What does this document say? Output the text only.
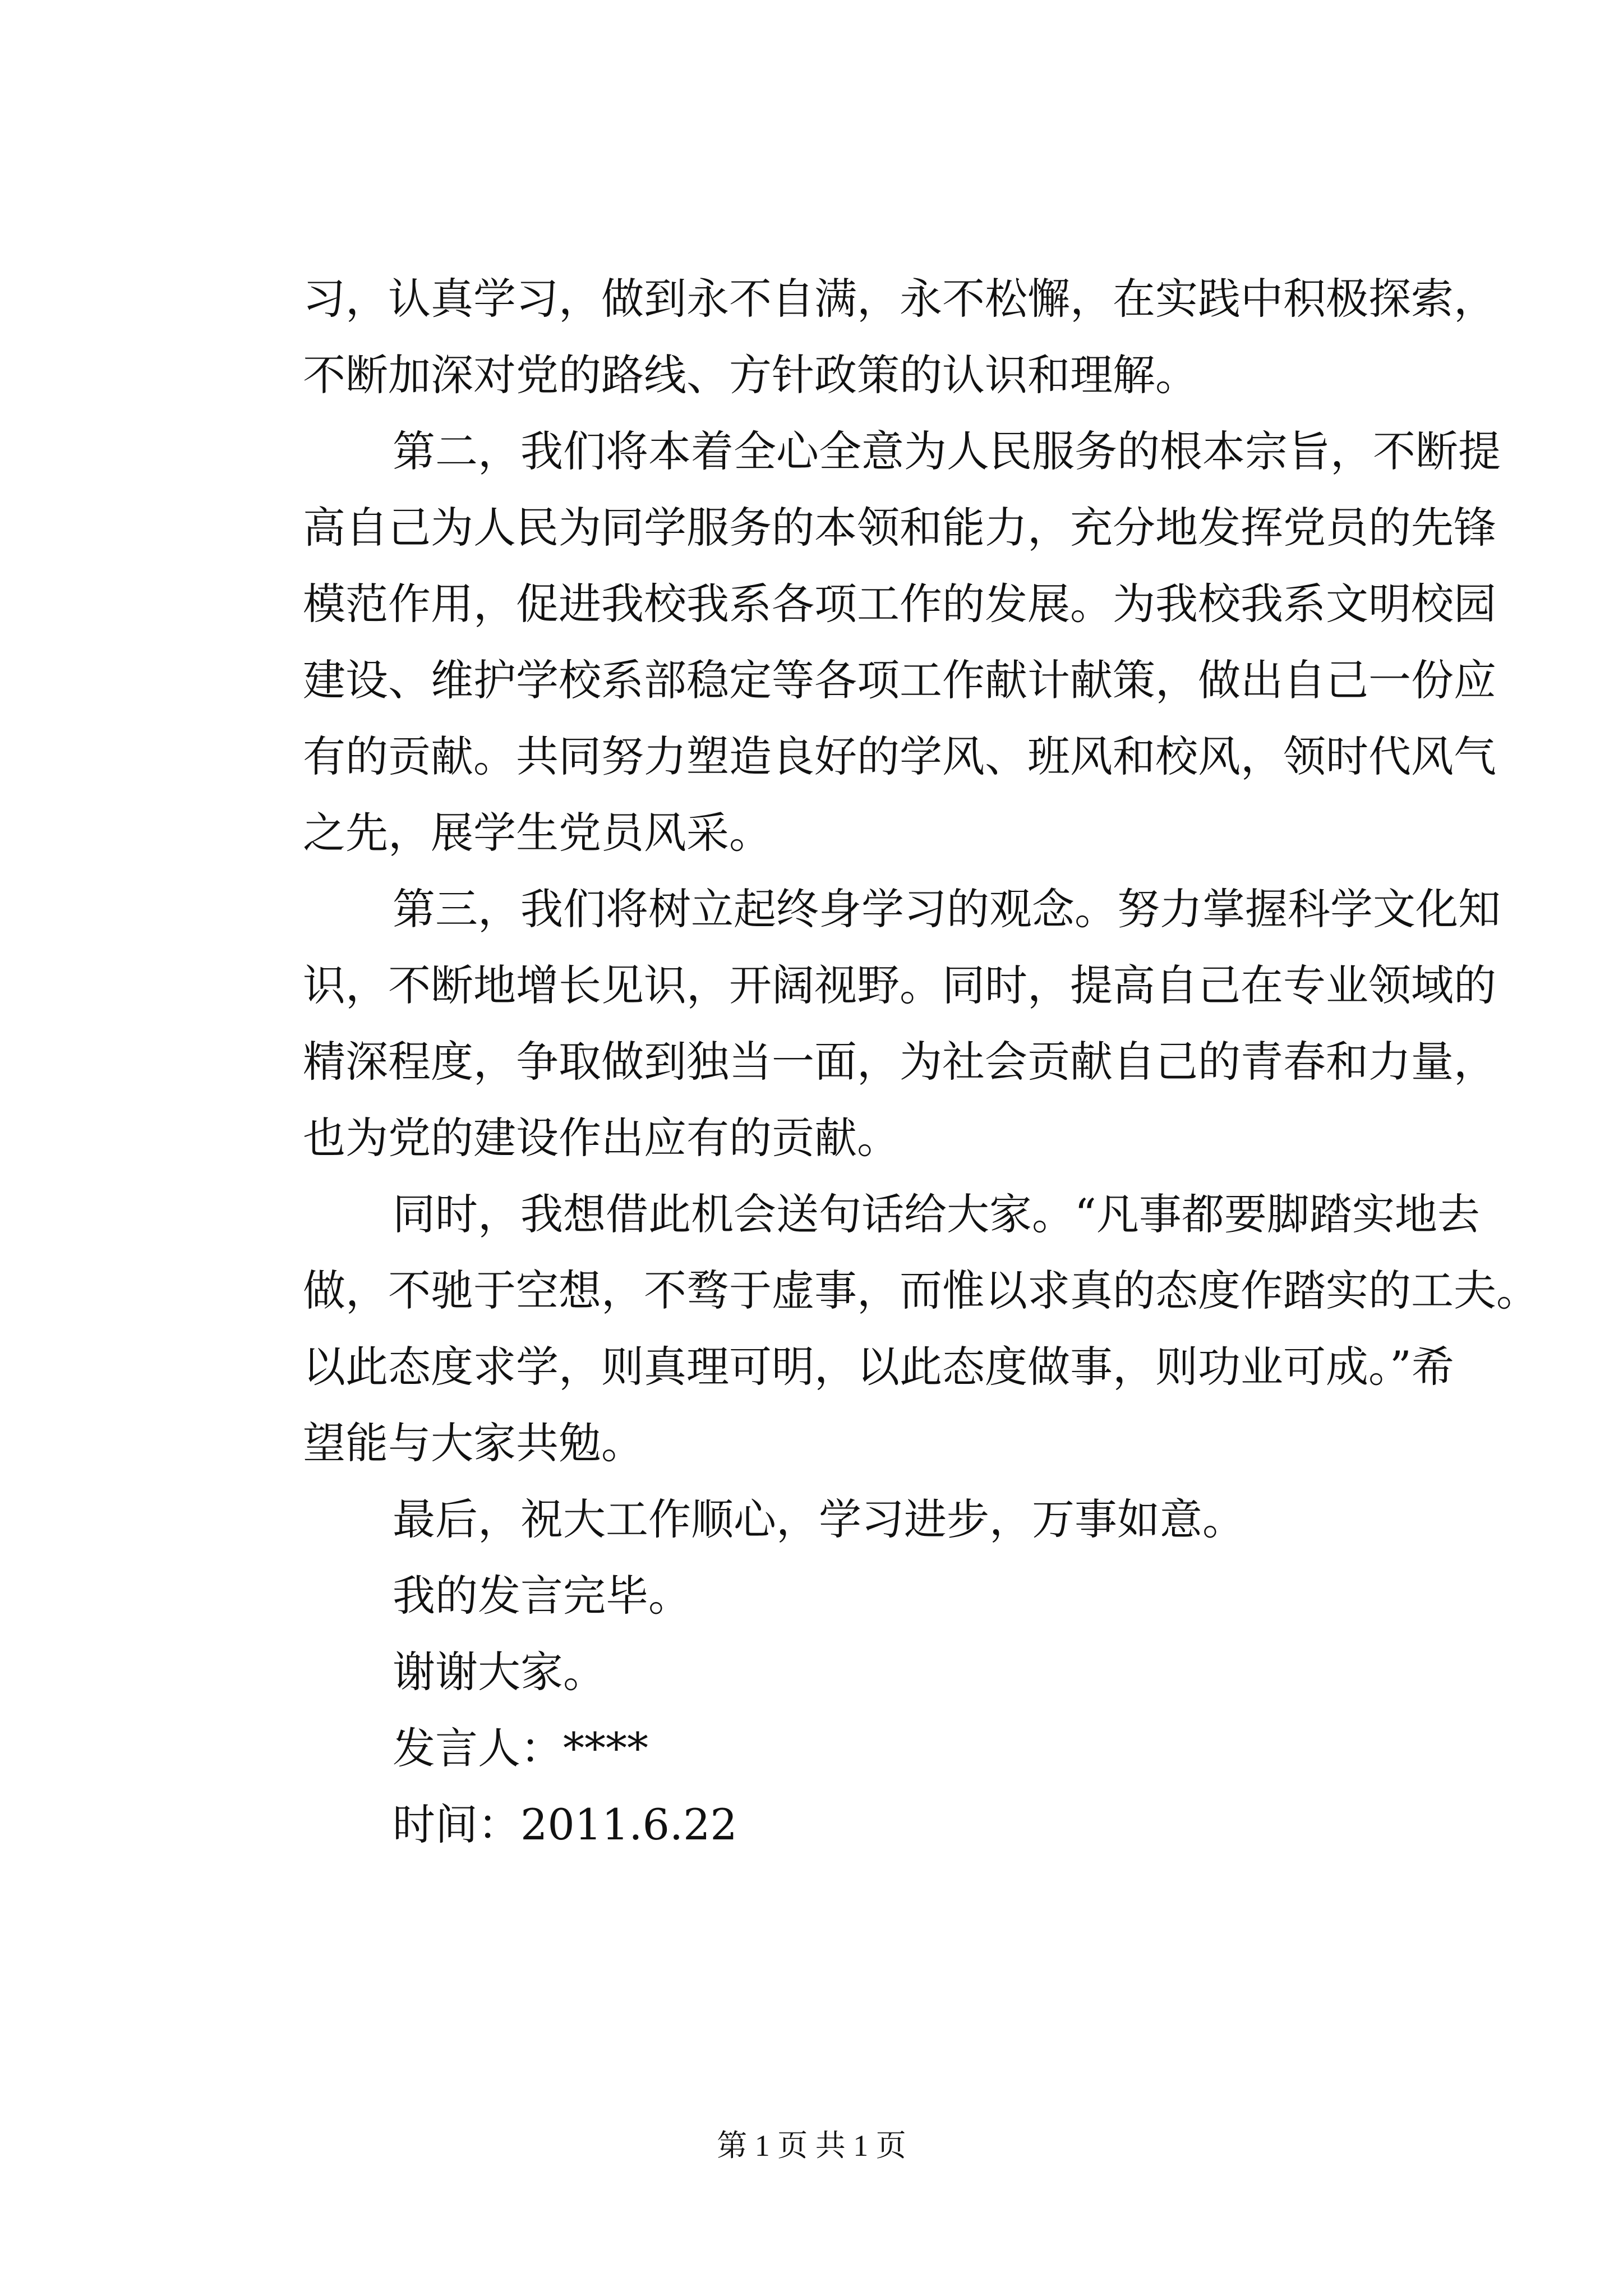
习，认真学习，做到永不自满，永不松懈，在实践中积极探索，
不断加深对党的路线、方针政策的认识和理解。
第二，我们将本着全心全意为人民服务的根本宗旨，不断提
高自己为人民为同学服务的本领和能力，充分地发挥党员的先锋
模范作用，促进我校我系各项工作的发展。为我校我系文明校园
建设、维护学校系部稳定等各项工作献计献策，做出自己一份应
有的贡献。共同努力塑造良好的学风、班风和校风，领时代风气
之先，展学生党员风采。
第三，我们将树立起终身学习的观念。努力掌握科学文化知
识，不断地增长见识，开阔视野。同时，提高自己在专业领域的
精深程度，争取做到独当一面，为社会贡献自己的青春和力量，
也为党的建设作出应有的贡献。
同时，我想借此机会送句话给大家。“凡事都要脚踏实地去
做，不驰于空想，不骛于虚事，而惟以求真的态度作踏实的工夫。
以此态度求学，则真理可明，以此态度做事，则功业可成。”希
望能与大家共勉。
最后，祝大工作顺心，学习进步，万事如意。
我的发言完毕。
谢谢大家。
发言人：****
时间：2011.6.22
第 1 页 共 1 页
